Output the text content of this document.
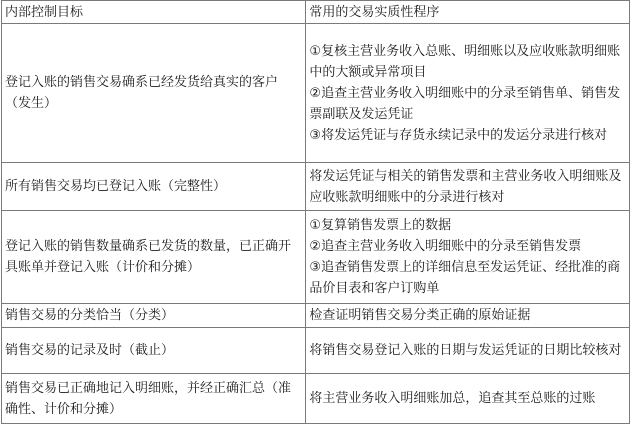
内部控制目标	常用的交易实质性程序
登记入账的销售交易确系已经发货给真实的客户（发生）	①复核主营业务收入总账、明细账以及应收账款明细账中的大额或异常项目
②追查主营业务收入明细账中的分录至销售单、销售发票副联及发运凭证
③将发运凭证与存货永续记录中的发运分录进行核对

所有销售交易均已登记入账（完整性）	将发运凭证与相关的销售发票和主营业务收入明细账及应收账款明细账中的分录进行核对

登记入账的销售数量确系已发货的数量，已正确开具账单并登记入账（计价和分摊）	①复算销售发票上的数据
②追查主营业务收入明细账中的分录至销售发票
③追查销售发票上的详细信息至发运凭证、经批准的商品价目表和客户订购单

销售交易的分类恰当（分类）	检查证明销售交易分类正确的原始证据

销售交易的记录及时（截止）	将销售交易登记入账的日期与发运凭证的日期比较核对

销售交易已正确地记入明细账，并经正确汇总（准确性、计价和分摊）	将主营业务收入明细账加总，追查其至总账的过账
